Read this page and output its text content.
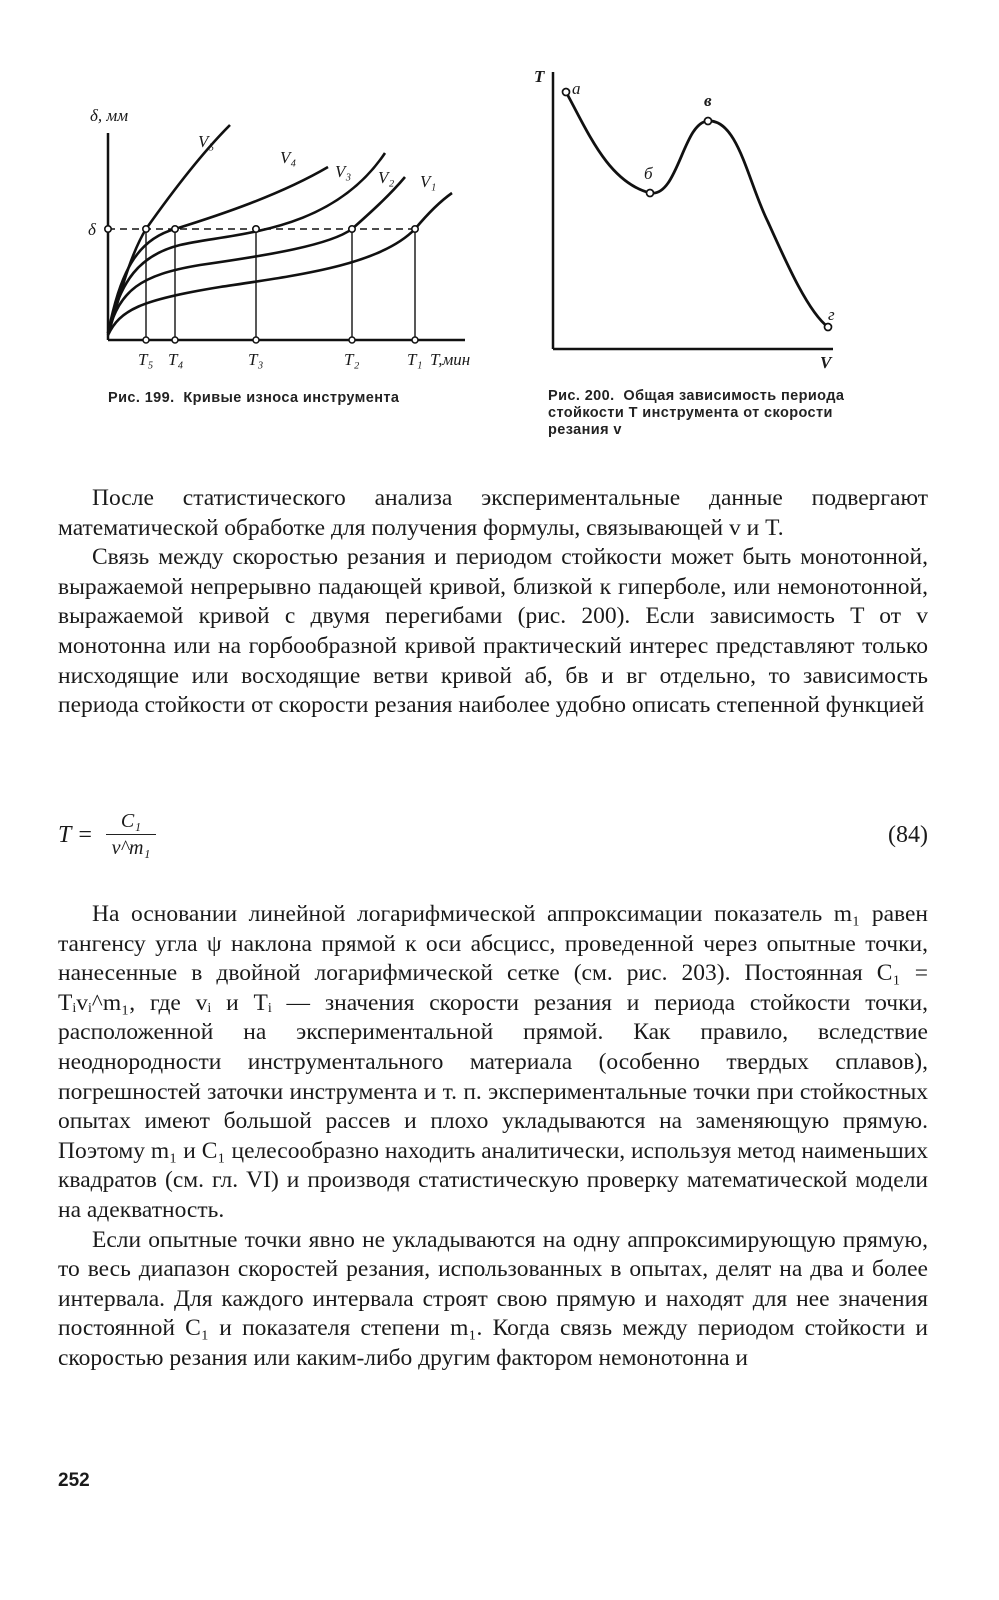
δ, мм
δ
V₅
V₄
V₃ V₂ V₁
T₅ T₄	T₃	T₂	T₁ T,мин
Рис. 199. Кривые износа инструмента
T
V
а
б
в
г
Рис. 200. Общая зависимость периода стойкости T инструмента от скорости резания v

После статистического анализа экспериментальные данные подвергают математической обработке для получения формулы, связывающей v и T.

Связь между скоростью резания и периодом стойкости может быть монотонной, выражаемой непрерывно падающей кривой, близкой к гиперболе, или немонотонной, выражаемой кривой с двумя перегибами (рис. 200). Если зависимость T от v монотонна или на горбообразной кривой практический интерес представляют только нисходящие или восходящие ветви кривой аб, бв и вг отдельно, то зависимость периода стойкости от скорости резания наиболее удобно описать степенной функцией

$T = \frac{\text{C₁}}{\text{v\textasciicircum{}m₁}}$	(84)

На основании линейной логарифмической аппроксимации показатель m₁ равен тангенсу угла ψ наклона прямой к оси абсцисс, проведенной через опытные точки, нанесенные в двойной логарифмической сетке (см. рис. 203). Постоянная C₁ = Tᵢvᵢ^m₁, где vᵢ и Tᵢ — значения скорости резания и периода стойкости точки, расположенной на экспериментальной прямой. Как правило, вследствие неоднородности инструментального материала (особенно твердых сплавов), погрешностей заточки инструмента и т. п. экспериментальные точки при стойкостных опытах имеют большой рассев и плохо укладываются на заменяющую прямую. Поэтому m₁ и C₁ целесообразно находить аналитически, используя метод наименьших квадратов (см. гл. VI) и производя статистическую проверку математической модели на адекватность.

Если опытные точки явно не укладываются на одну аппроксимирующую прямую, то весь диапазон скоростей резания, использованных в опытах, делят на два и более интервала. Для каждого интервала строят свою прямую и находят для нее значения постоянной C₁ и показателя степени m₁. Когда связь между периодом стойкости и скоростью резания или каким-либо другим фактором немонотонна и

252
